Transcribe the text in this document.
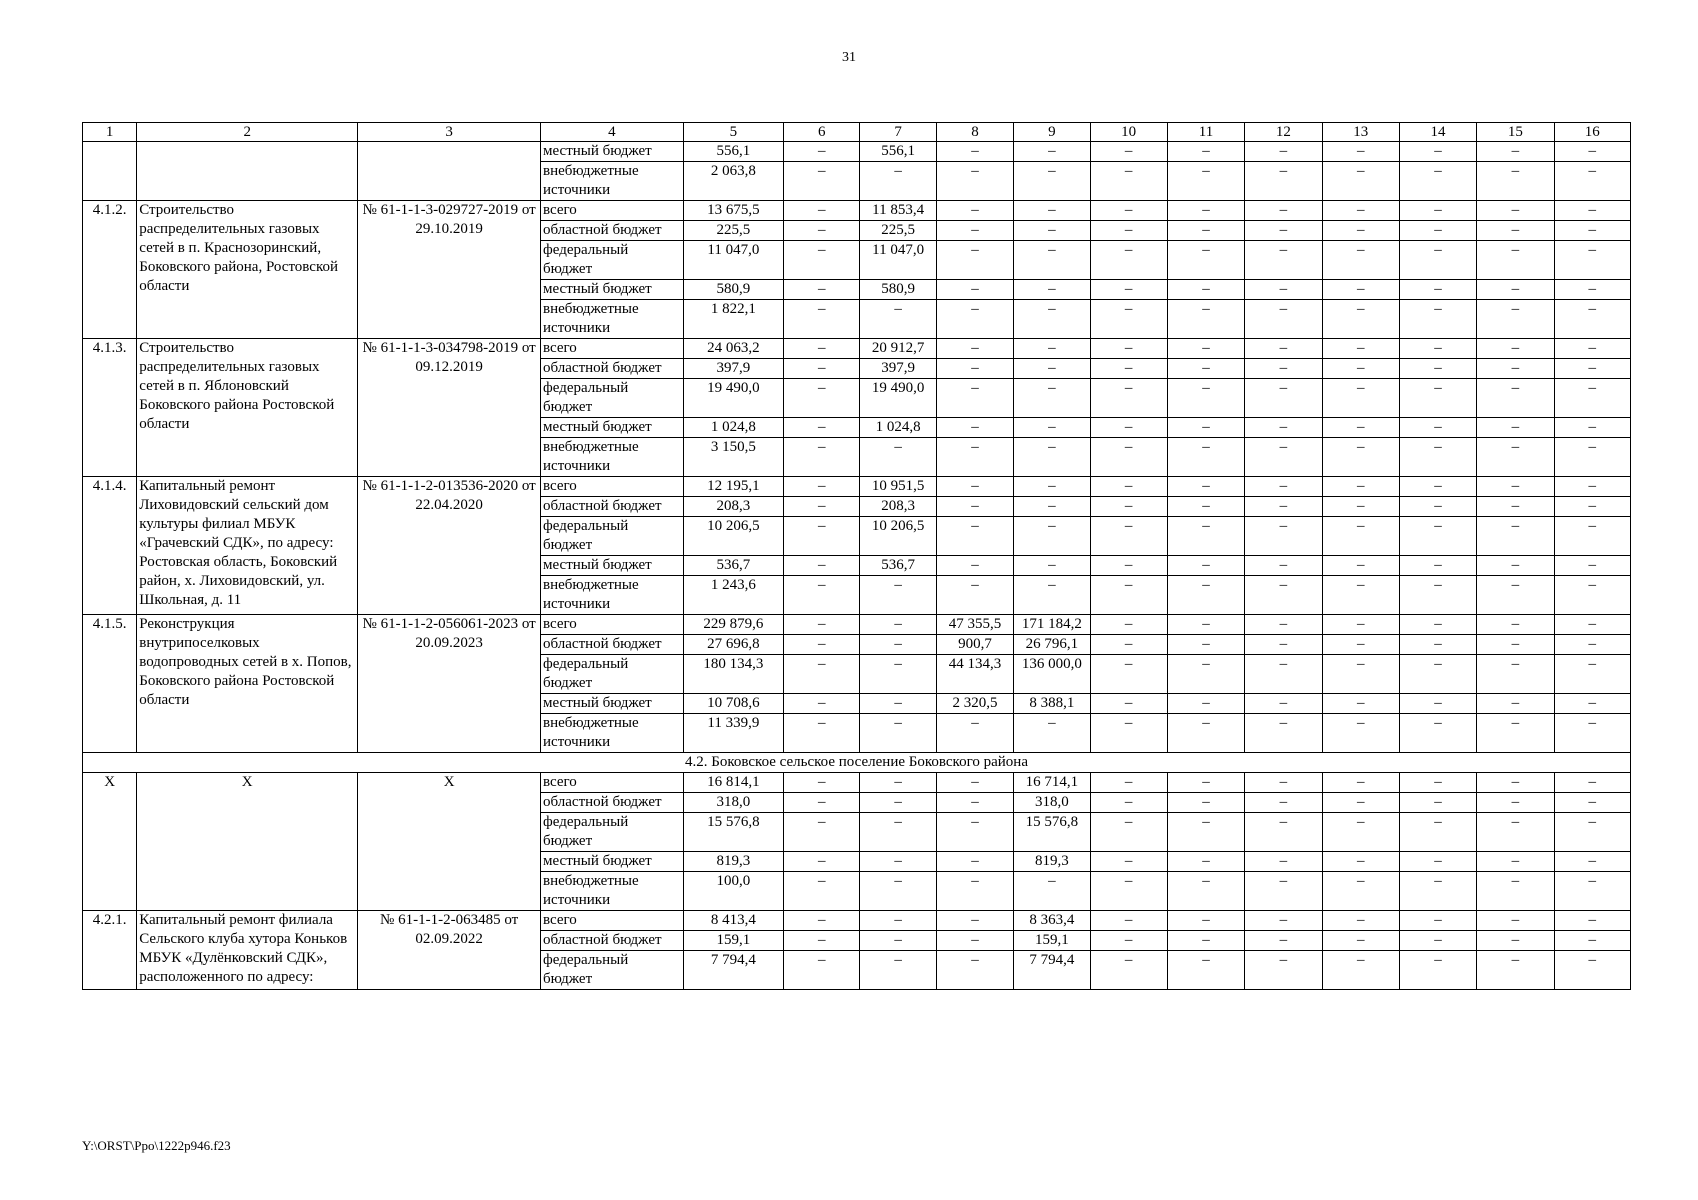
31
1	2	3	4	5	6	7	8	9	10	11	12	13	14	15	16
			местный бюджет	556,1	–	556,1	–	–	–	–	–	–	–	–	–
			внебюджетные источники	2 063,8	–	–	–	–	–	–	–	–	–	–	–
4.1.2.	Строительство распределительных газовых сетей в п. Краснозоринский, Боковского района, Ростовской области	№ 61-1-1-3-029727-2019 от 29.10.2019	всего	13 675,5	–	11 853,4	–	–	–	–	–	–	–	–	–
			областной бюджет	225,5	–	225,5	–	–	–	–	–	–	–	–	–
			федеральный бюджет	11 047,0	–	11 047,0	–	–	–	–	–	–	–	–	–
			местный бюджет	580,9	–	580,9	–	–	–	–	–	–	–	–	–
			внебюджетные источники	1 822,1	–	–	–	–	–	–	–	–	–	–	–
4.1.3.	Строительство распределительных газовых сетей в п. Яблоновский Боковского района Ростовской области	№ 61-1-1-3-034798-2019 от 09.12.2019	всего	24 063,2	–	20 912,7	–	–	–	–	–	–	–	–	–
			областной бюджет	397,9	–	397,9	–	–	–	–	–	–	–	–	–
			федеральный бюджет	19 490,0	–	19 490,0	–	–	–	–	–	–	–	–	–
			местный бюджет	1 024,8	–	1 024,8	–	–	–	–	–	–	–	–	–
			внебюджетные источники	3 150,5	–	–	–	–	–	–	–	–	–	–	–
4.1.4.	Капитальный ремонт Лиховидовский сельский дом культуры филиал МБУК «Грачевский СДК», по адресу: Ростовская область, Боковский район, х. Лиховидовский, ул. Школьная, д. 11	№ 61-1-1-2-013536-2020 от 22.04.2020	всего	12 195,1	–	10 951,5	–	–	–	–	–	–	–	–	–
			областной бюджет	208,3	–	208,3	–	–	–	–	–	–	–	–	–
			федеральный бюджет	10 206,5	–	10 206,5	–	–	–	–	–	–	–	–	–
			местный бюджет	536,7	–	536,7	–	–	–	–	–	–	–	–	–
			внебюджетные источники	1 243,6	–	–	–	–	–	–	–	–	–	–	–
4.1.5.	Реконструкция внутрипоселковых водопроводных сетей в х. Попов, Боковского района Ростовской области	№ 61-1-1-2-056061-2023 от 20.09.2023	всего	229 879,6	–	–	47 355,5	171 184,2	–	–	–	–	–	–	–
			областной бюджет	27 696,8	–	–	900,7	26 796,1	–	–	–	–	–	–	–
			федеральный бюджет	180 134,3	–	–	44 134,3	136 000,0	–	–	–	–	–	–	–
			местный бюджет	10 708,6	–	–	2 320,5	8 388,1	–	–	–	–	–	–	–
			внебюджетные источники	11 339,9	–	–	–	–	–	–	–	–	–	–	–
4.2. Боковское сельское поселение Боковского района															
X	X	X	всего	16 814,1	–	–	–	16 714,1	–	–	–	–	–	–	–
			областной бюджет	318,0	–	–	–	318,0	–	–	–	–	–	–	–
			федеральный бюджет	15 576,8	–	–	–	15 576,8	–	–	–	–	–	–	–
			местный бюджет	819,3	–	–	–	819,3	–	–	–	–	–	–	–
			внебюджетные источники	100,0	–	–	–	–	–	–	–	–	–	–	–
4.2.1.	Капитальный ремонт филиала Сельского клуба хутора Коньков МБУК «Дулёнковский СДК», расположенного по адресу:	№ 61-1-1-2-063485 от 02.09.2022	всего	8 413,4	–	–	–	8 363,4	–	–	–	–	–	–	–
			областной бюджет	159,1	–	–	–	159,1	–	–	–	–	–	–	–
			федеральный бюджет	7 794,4	–	–	–	7 794,4	–	–	–	–	–	–	–
Y:\ORST\Ppo\1222p946.f23
